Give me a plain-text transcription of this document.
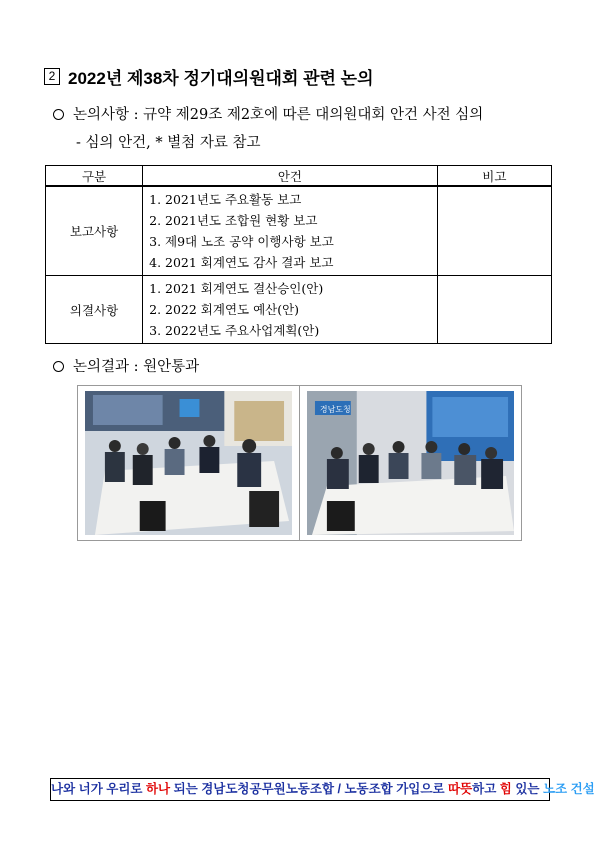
2 2022년 제38차 정기대의원대회 관련 논의
논의사항 : 규약 제29조 제2호에 따른 대의원대회 안건 사전 심의
- 심의 안건, * 별첨 자료 참고
구분	안건	비고
보고사항	1. 2021년도 주요활동 보고
2. 2021년도 조합원 현황 보고
3. 제9대 노조 공약 이행사항 보고
4. 2021 회계연도 감사 결과 보고	

의결사항	1. 2021 회계연도 결산승인(안)
2. 2022 회계연도 예산(안)
3. 2022년도 주요사업계획(안)	

논의결과 : 원안통과
경남도청
나와 너가 우리로 하나 되는 경남도청공무원노동조합 / 노동조합 가입으로 따뜻하고 힘 있는 노조 건설
